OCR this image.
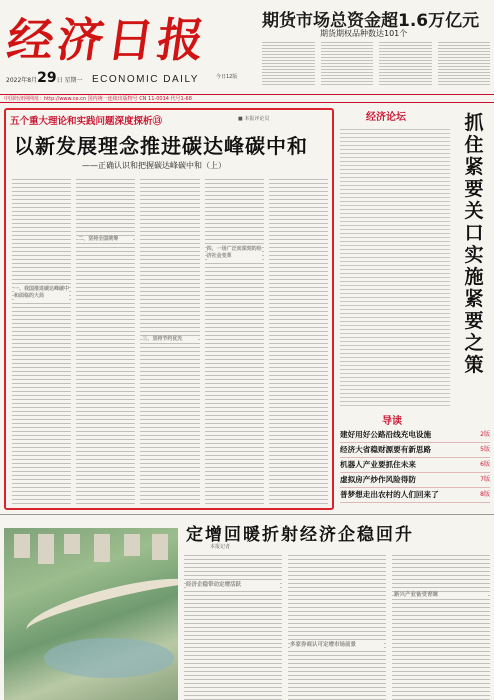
经济日报
2022年8月29日 星期一 ECONOMIC DAILY	今日12版
期货市场总资金超1.6万亿元
期货期权品种数达101个
中国经济网网址：http://www.ce.cn 国内统一连续出版物号 CN 11-0014 代号1-68
五个重大理论和实践问题深度探析⑬	■ 本报评论员
以新发展理念推进碳达峰碳中和
——正确认识和把握碳达峰碳中和（上）
一、我国推进碳达峰碳中和面临的大局
二、坚持全国统筹
三、坚持节约优先
四、一场广泛而深刻的经济社会变革
经济论坛	抓住紧要关口实施紧要之策
导读
建好用好公路沿线充电设施	2版
经济大省稳财源要有新思路	5版
机器人产业要抓住未来	6版
虚拟房产炒作风险得防	7版
普梦想走出农村的人们回来了	8版
定增回暖折射经济企稳回升
本报记者
经济企稳带动定增活跃
多家券商认可定增市场前景
新兴产业备受青睐
